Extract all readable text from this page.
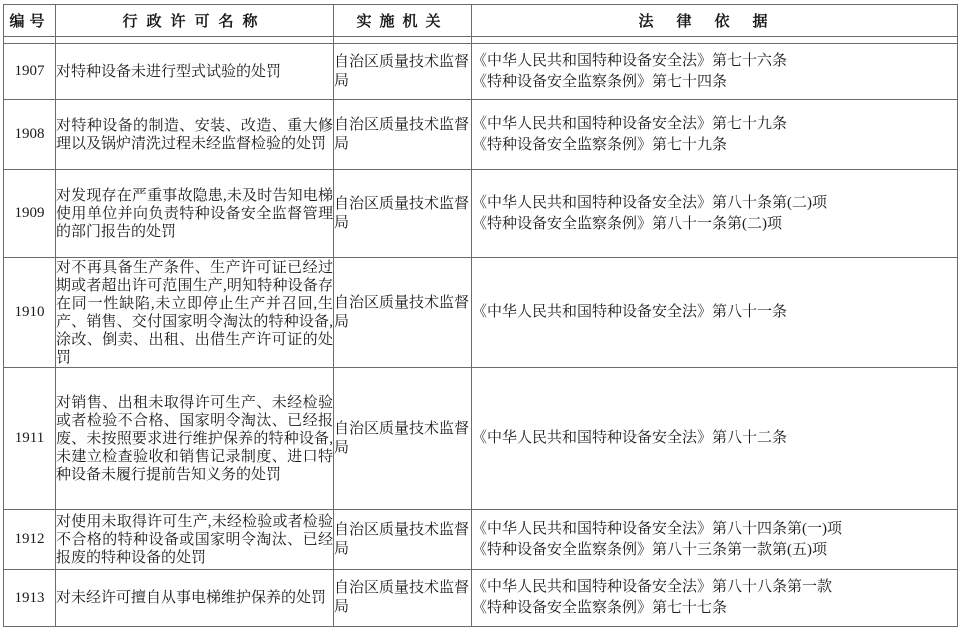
编号	行政许可名称	实施机关	法律依据

1907	对特种设备未进行型式试验的处罚	自治区质量技术监督局	《中华人民共和国特种设备安全法》第七十六条
《特种设备安全监察条例》第七十四条

1908	对特种设备的制造、安装、改造、重大修理以及锅炉清洗过程未经监督检验的处罚	自治区质量技术监督局	《中华人民共和国特种设备安全法》第七十九条
《特种设备安全监察条例》第七十九条

1909	对发现存在严重事故隐患,未及时告知电梯使用单位并向负责特种设备安全监督管理的部门报告的处罚	自治区质量技术监督局	《中华人民共和国特种设备安全法》第八十条第(二)项
《特种设备安全监察条例》第八十一条第(二)项

1910	对不再具备生产条件、生产许可证已经过期或者超出许可范围生产,明知特种设备存在同一性缺陷,未立即停止生产并召回,生产、销售、交付国家明令淘汰的特种设备,涂改、倒卖、出租、出借生产许可证的处罚	自治区质量技术监督局	《中华人民共和国特种设备安全法》第八十一条

1911	对销售、出租未取得许可生产、未经检验或者检验不合格、国家明令淘汰、已经报废、未按照要求进行维护保养的特种设备,未建立检查验收和销售记录制度、进口特种设备未履行提前告知义务的处罚	自治区质量技术监督局	《中华人民共和国特种设备安全法》第八十二条

1912	对使用未取得许可生产,未经检验或者检验不合格的特种设备或国家明令淘汰、已经报废的特种设备的处罚	自治区质量技术监督局	《中华人民共和国特种设备安全法》第八十四条第(一)项
《特种设备安全监察条例》第八十三条第一款第(五)项

1913	对未经许可擅自从事电梯维护保养的处罚	自治区质量技术监督局	《中华人民共和国特种设备安全法》第八十八条第一款
《特种设备安全监察条例》第七十七条
